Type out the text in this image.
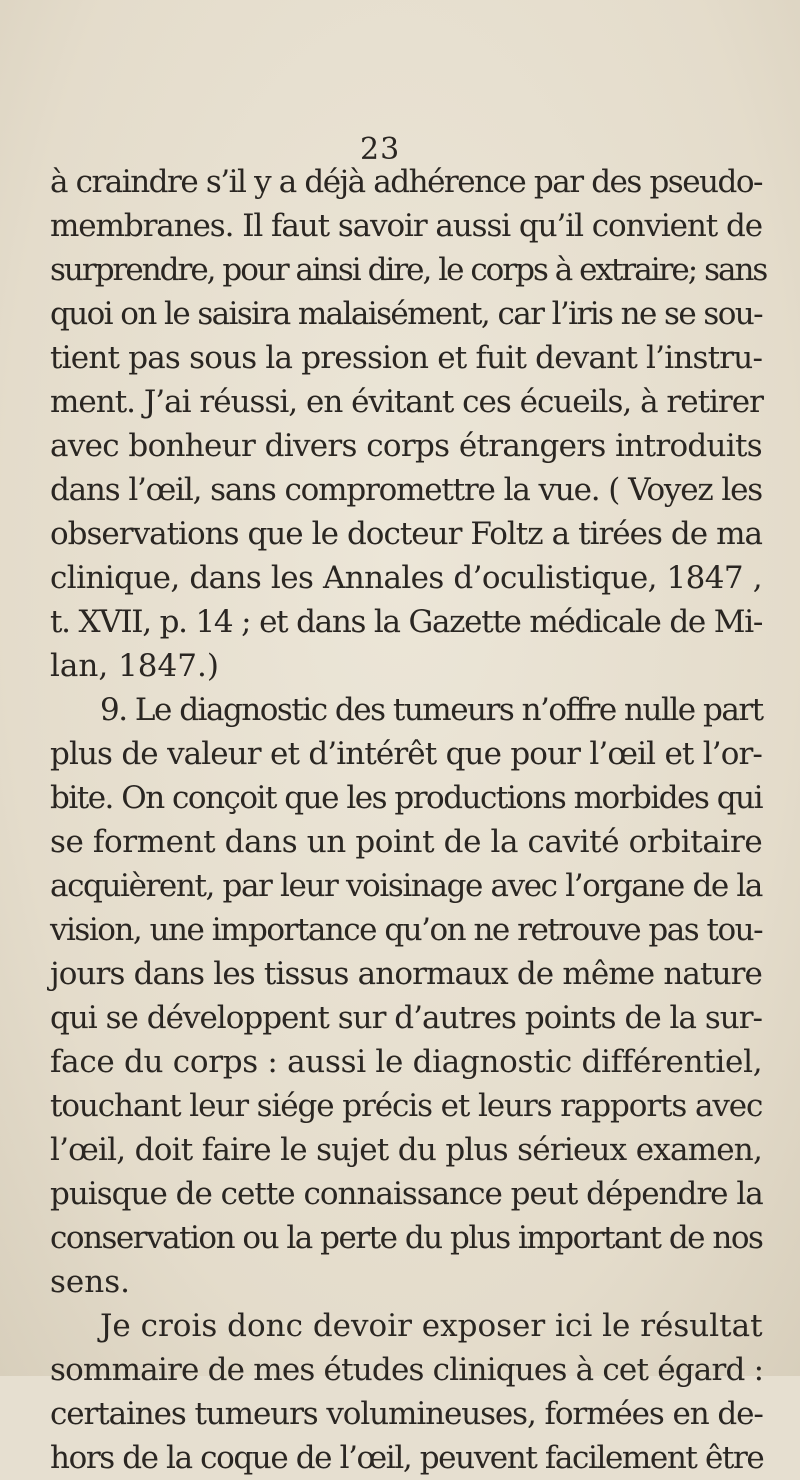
23
à craindre s’il y a déjà adhérence par des pseudo-
membranes. Il faut savoir aussi qu’il convient de
surprendre, pour ainsi dire, le corps à extraire; sans
quoi on le saisira malaisément, car l’iris ne se sou-
tient pas sous la pression et fuit devant l’instru-
ment. J’ai réussi, en évitant ces écueils, à retirer
avec bonheur divers corps étrangers introduits
dans l’œil, sans compromettre la vue. ( Voyez les
observations que le docteur Foltz a tirées de ma
clinique, dans les Annales d’oculistique, 1847 ,
t. XVII, p. 14 ; et dans la Gazette médicale de Mi-
lan, 1847.)
9. Le diagnostic des tumeurs n’offre nulle part
plus de valeur et d’intérêt que pour l’œil et l’or-
bite. On conçoit que les productions morbides qui
se forment dans un point de la cavité orbitaire
acquièrent, par leur voisinage avec l’organe de la
vision, une importance qu’on ne retrouve pas tou-
jours dans les tissus anormaux de même nature
qui se développent sur d’autres points de la sur-
face du corps : aussi le diagnostic différentiel,
touchant leur siége précis et leurs rapports avec
l’œil, doit faire le sujet du plus sérieux examen,
puisque de cette connaissance peut dépendre la
conservation ou la perte du plus important de nos
sens.
Je crois donc devoir exposer ici le résultat
sommaire de mes études cliniques à cet égard :
certaines tumeurs volumineuses, formées en de-
hors de la coque de l’œil, peuvent facilement être
